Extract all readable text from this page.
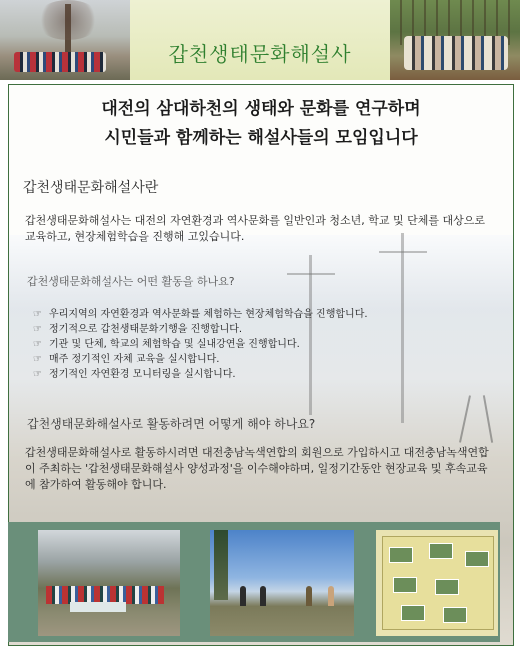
갑천생태문화해설사
대전의 삼대하천의 생태와 문화를 연구하며
시민들과 함께하는 해설사들의 모임입니다
갑천생태문화해설사란
갑천생태문화해설사는 대전의 자연환경과 역사문화를 일반인과 청소년, 학교 및 단체를 대상으로 교육하고, 현장체험학습을 진행해 고있습니다.
갑천생태문화해설사는 어떤 활동을 하나요?
☞ 우리지역의 자연환경과 역사문화를 체험하는 현장체험학습을 진행합니다.
☞ 정기적으로 갑천생태문화기행을 진행합니다.
☞ 기관 및 단체, 학교의 체험학습 및 실내강연을 진행합니다.
☞ 매주 정기적인 자체 교육을 실시합니다.
☞ 정기적인 자연환경 모니터링을 실시합니다.
갑천생태문화해설사로 활동하려면 어떻게 해야 하나요?
갑천생태문화해설사로 활동하시려면 대전충남녹색연합의 회원으로 가입하시고 대전충남녹색연합이 주최하는 '갑천생태문화해설사 양성과정'을 이수해야하며, 일정기간동안 현장교육 및 후속교육에 참가하여 활동해야 합니다.
